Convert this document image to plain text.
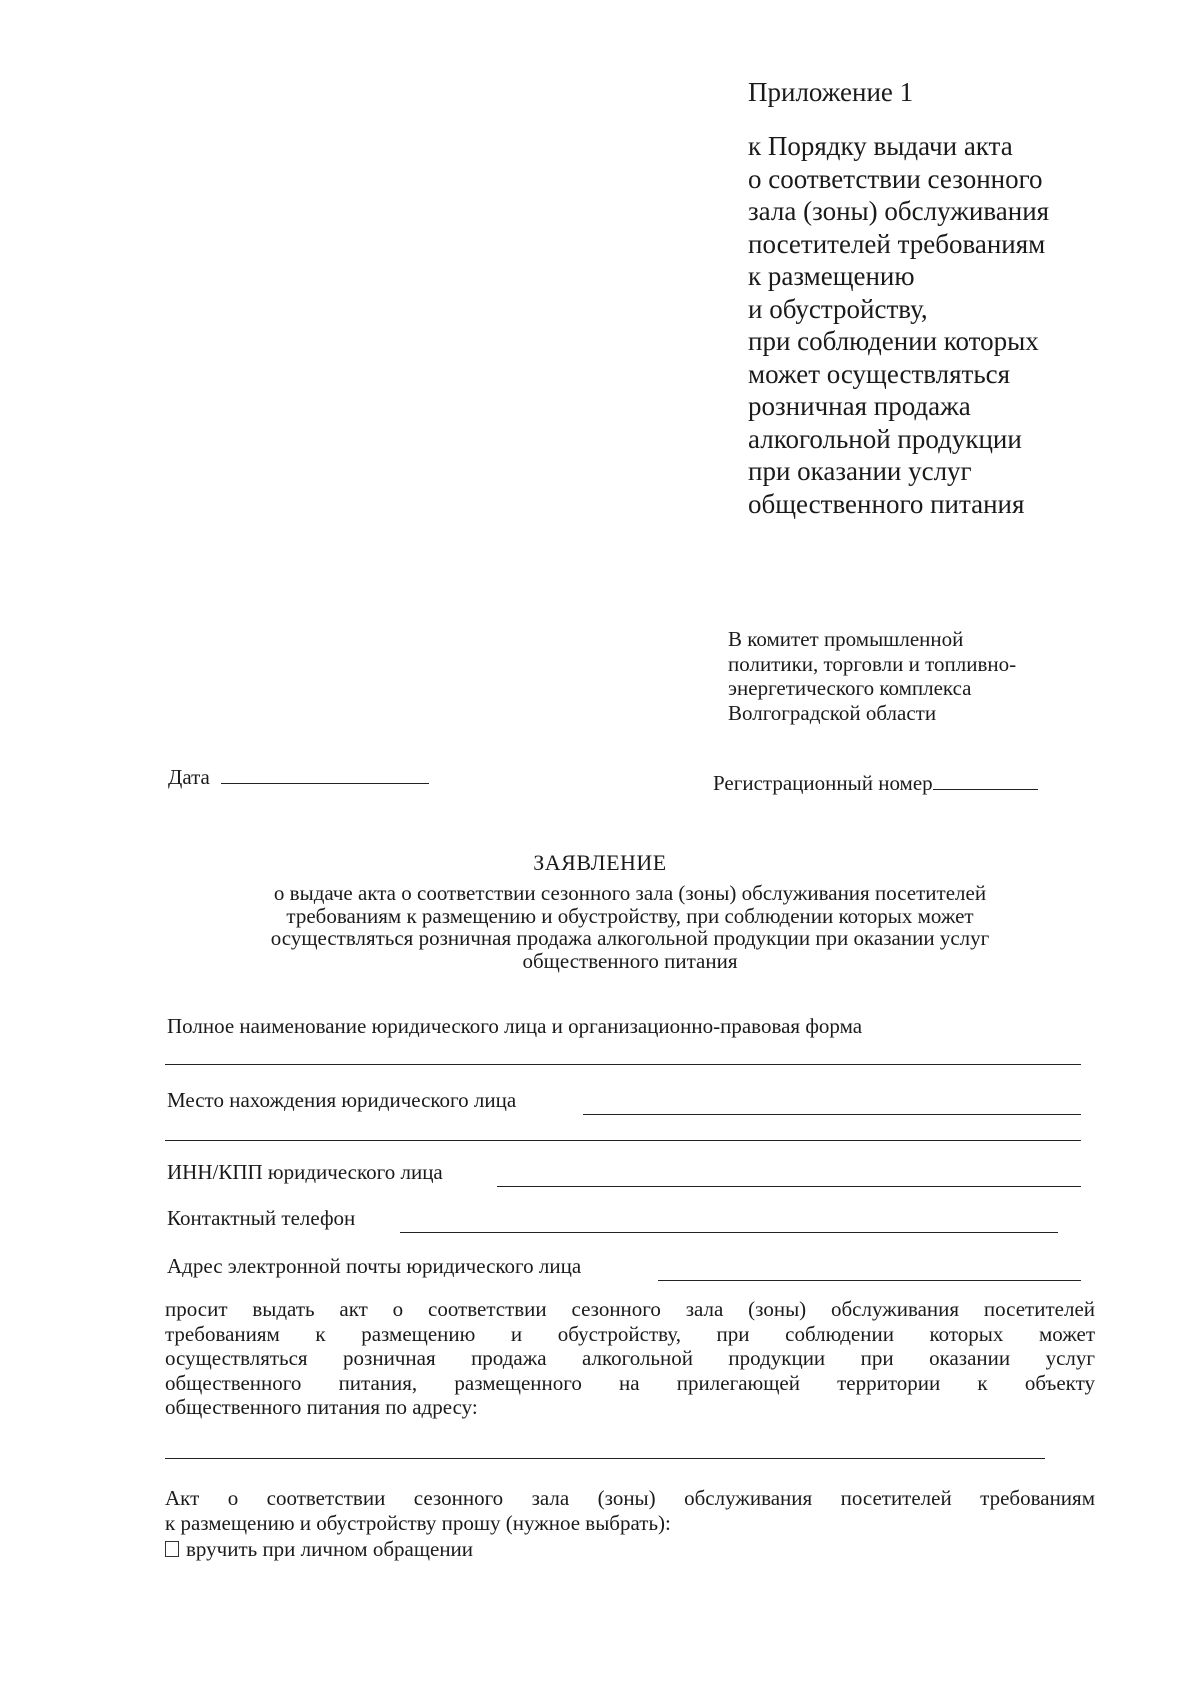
Приложение 1
к Порядку выдачи акта
о соответствии сезонного
зала (зоны) обслуживания
посетителей требованиям
к размещению
и обустройству,
при соблюдении которых
может осуществляться
розничная продажа
алкогольной продукции
при оказании услуг
общественного питания
В комитет промышленной
политики, торговли и топливно-
энергетического комплекса
Волгоградской области
Дата	Регистрационный номер
ЗАЯВЛЕНИЕ
о выдаче акта о соответствии сезонного зала (зоны) обслуживания посетителей
требованиям к размещению и обустройству, при соблюдении которых может
осуществляться розничная продажа алкогольной продукции при оказании услуг
общественного питания
Полное наименование юридического лица и организационно-правовая форма
Место нахождения юридического лица
ИНН/КПП юридического лица
Контактный телефон
Адрес электронной почты юридического лица
просит выдать акт о соответствии сезонного зала (зоны) обслуживания посетителей
требованиям к размещению и обустройству, при соблюдении которых может
осуществляться розничная продажа алкогольной продукции при оказании услуг
общественного питания, размещенного на прилегающей территории к объекту
общественного питания по адресу:
Акт о соответствии сезонного зала (зоны) обслуживания посетителей требованиям
к размещению и обустройству прошу (нужное выбрать):
вручить при личном обращении
